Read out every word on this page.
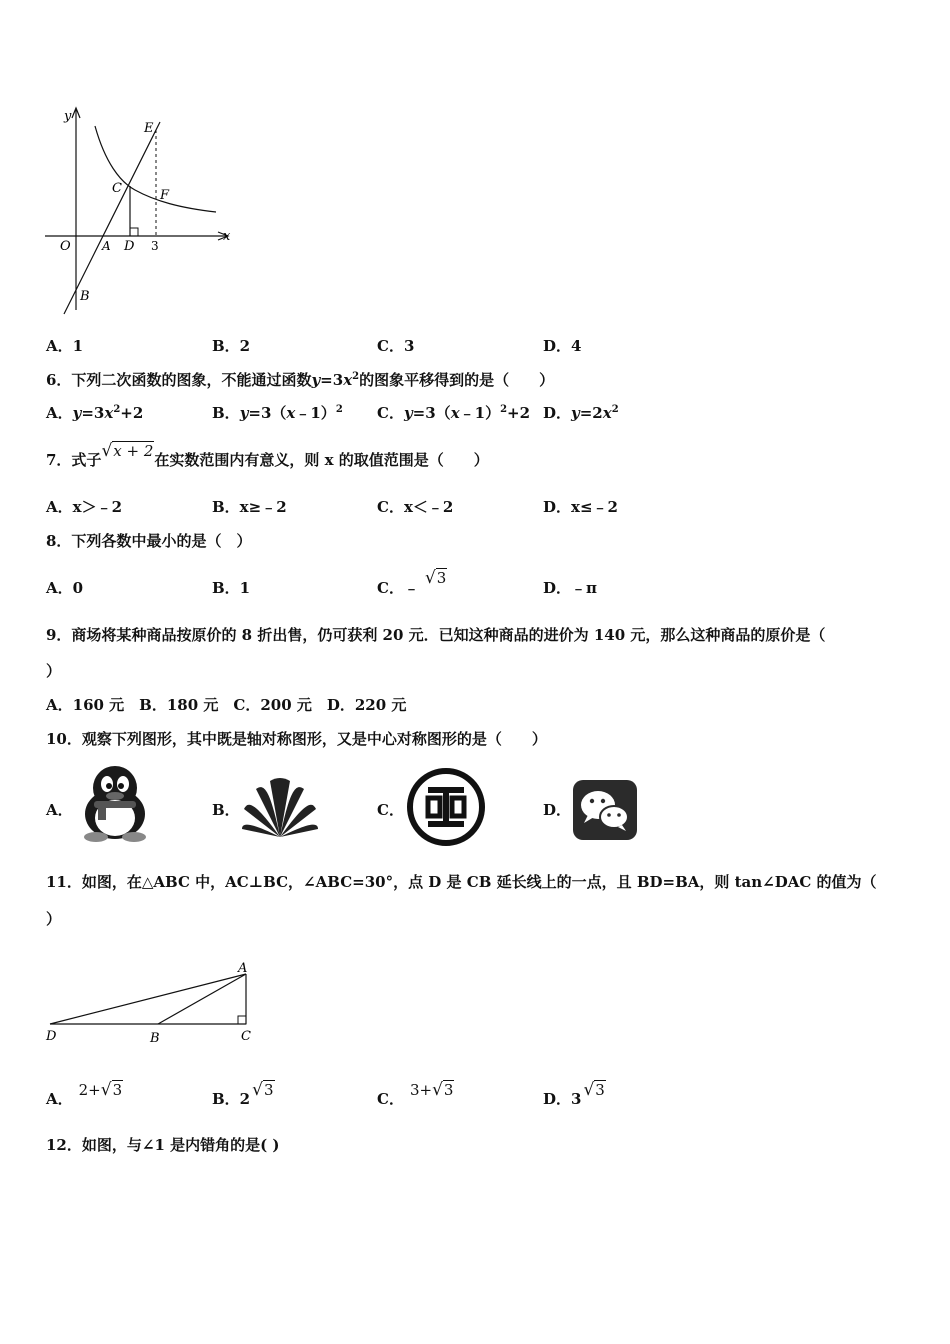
y
x
E
C	F
O	A D 3
B
A．1	B．2	C．3	D．4
6．下列二次函数的图象，不能通过函数$y=3x^2$的图象平移得到的是（　　）
A．$y=3x^2+2$	B．y=3（x﹣1）$^2$ C．y=3（x﹣1）$^2$+2 D．$y=2x^2$
7．式子√x + 2在实数范围内有意义，则 x 的取值范围是（　　）
A．x＞﹣2	B．x≥﹣2	C．x＜﹣2	D．x≤﹣2
8．下列各数中最小的是（　）
A．0	B．1	C．﹣ √3
D．﹣π
9．商场将某种商品按原价的 8 折出售，仍可获利 20 元．已知这种商品的进价为 140 元，那么这种商品的原价是（
）
A．160 元　B．180 元　C．200 元　D．220 元
10．观察下列图形，其中既是轴对称图形，又是中心对称图形的是（　　）
A．	B．	C．	D．
11．如图，在△ABC 中，AC⊥BC，∠ABC=30°，点 D 是 CB 延长线上的一点，且 BD=BA，则 tan∠DAC 的值为（
）
A
B	C
D
A． 2+√3	B．2 √3	C． 3+√3	D．3 √3
12．如图，与∠1 是内错角的是( )
